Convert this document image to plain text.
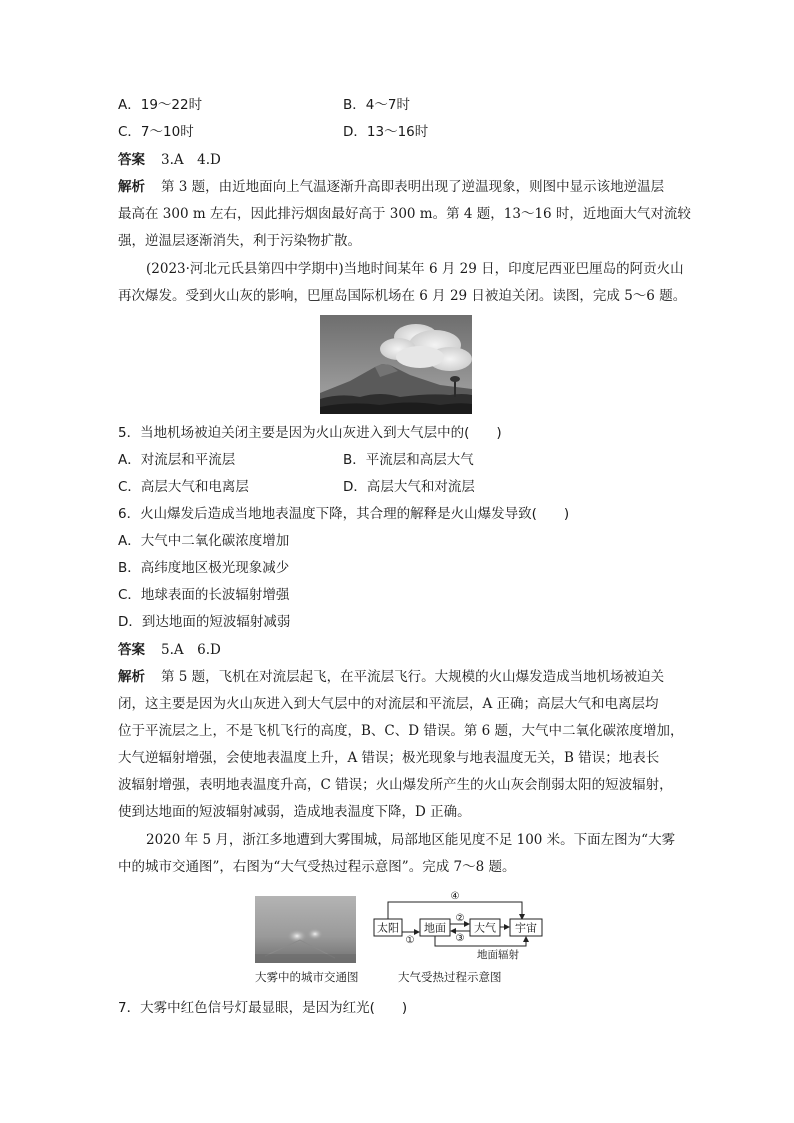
A．19～22时	B．4～7时
C．7～10时	D．13～16时
答案 3.A　4.D
解析 第 3 题，由近地面向上气温逐渐升高即表明出现了逆温现象，则图中显示该地逆温层
最高在 300 m 左右，因此排污烟囱最好高于 300 m。第 4 题，13～16 时，近地面大气对流较
强，逆温层逐渐消失，利于污染物扩散。
(2023·河北元氏县第四中学期中)当地时间某年 6 月 29 日，印度尼西亚巴厘岛的阿贡火山
再次爆发。受到火山灰的影响，巴厘岛国际机场在 6 月 29 日被迫关闭。读图，完成 5～6 题。
5．当地机场被迫关闭主要是因为火山灰进入到大气层中的(　　)
A．对流层和平流层	B．平流层和高层大气
C．高层大气和电离层	D．高层大气和对流层
6．火山爆发后造成当地地表温度下降，其合理的解释是火山爆发导致(　　)
A．大气中二氧化碳浓度增加
B．高纬度地区极光现象减少
C．地球表面的长波辐射增强
D．到达地面的短波辐射减弱
答案 5.A　6.D
解析 第 5 题，飞机在对流层起飞，在平流层飞行。大规模的火山爆发造成当地机场被迫关
闭，这主要是因为火山灰进入到大气层中的对流层和平流层，A 正确；高层大气和电离层均
位于平流层之上，不是飞机飞行的高度，B、C、D 错误。第 6 题，大气中二氧化碳浓度增加，
大气逆辐射增强，会使地表温度上升，A 错误；极光现象与地表温度无关，B 错误；地表长
波辐射增强，表明地表温度升高，C 错误；火山爆发所产生的火山灰会削弱太阳的短波辐射，
使到达地面的短波辐射减弱，造成地表温度下降，D 正确。
2020 年 5 月，浙江多地遭到大雾围城，局部地区能见度不足 100 米。下面左图为“大雾
中的城市交通图”，右图为“大气受热过程示意图”。完成 7～8 题。
太阳 地面	大气 宇宙
④
①
②
③
地面辐射
大雾中的城市交通图	大气受热过程示意图
7．大雾中红色信号灯最显眼，是因为红光(　　)
